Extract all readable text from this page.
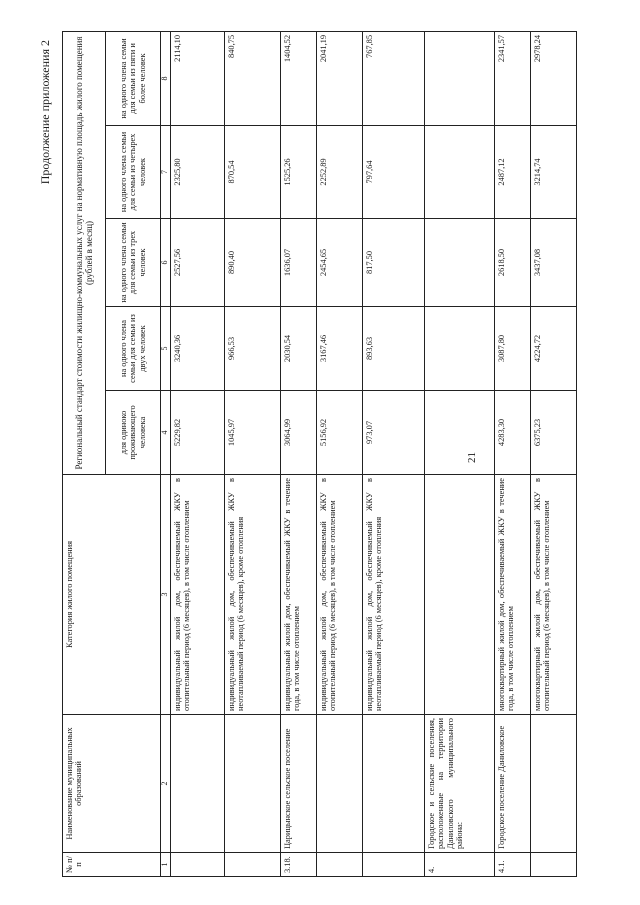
21
Продолжение приложения 2
№ п/п	Наименование муниципальных образований	Категория жилого помещения	Региональный стандарт стоимости жилищно-коммунальных услуг на нормативную площадь жилого помещения (рублей в месяц)				
			для одиноко проживающего человека	на одного члена семьи для семьи из двух человек	на одного члена семьи для семьи из трех человек	на одного члена семьи для семьи из четырех человек	на одного члена семьи для семьи из пяти и более человек
1	2	3	4	5	6	7	8
		индивидуальный жилой дом, обеспечиваемый ЖКУ в отопительный период (6 месяцев), в том числе отоплением	5229,82	3240,36	2527,56	2325,80	2114,10
		индивидуальный жилой дом, обеспечиваемый ЖКУ в неотапливаемый период (6 месяцев), кроме отопления	1045,97	966,53	890,40	870,54	840,75
3.18.	Царицынское сельское поселение	индивидуальный жилой дом, обеспечиваемый ЖКУ в течение года, в том числе отоплением	3064,99	2030,54	1636,07	1525,26	1404,52
		индивидуальный жилой дом, обеспечиваемый ЖКУ в отопительный период (6 месяцев), в том числе отоплением	5156,92	3167,46	2454,65	2252,89	2041,19
		индивидуальный жилой дом, обеспечиваемый ЖКУ в неотапливаемый период (6 месяцев), кроме отопления	973,07	893,63	817,50	797,64	767,85
4.	Городское и сельские поселения, расположенные на территории Даниловского муниципального района:						
4.1.	Городское поселение Даниловское	многоквартирный жилой дом, обеспечиваемый ЖКУ в течение года, в том числе отоплением	4283,30	3087,80	2618,50	2487,12	2341,57
		многоквартирный жилой дом, обеспечиваемый ЖКУ в отопительный период (6 месяцев), в том числе отоплением	6375,23	4224,72	3437,08	3214,74	2978,24
